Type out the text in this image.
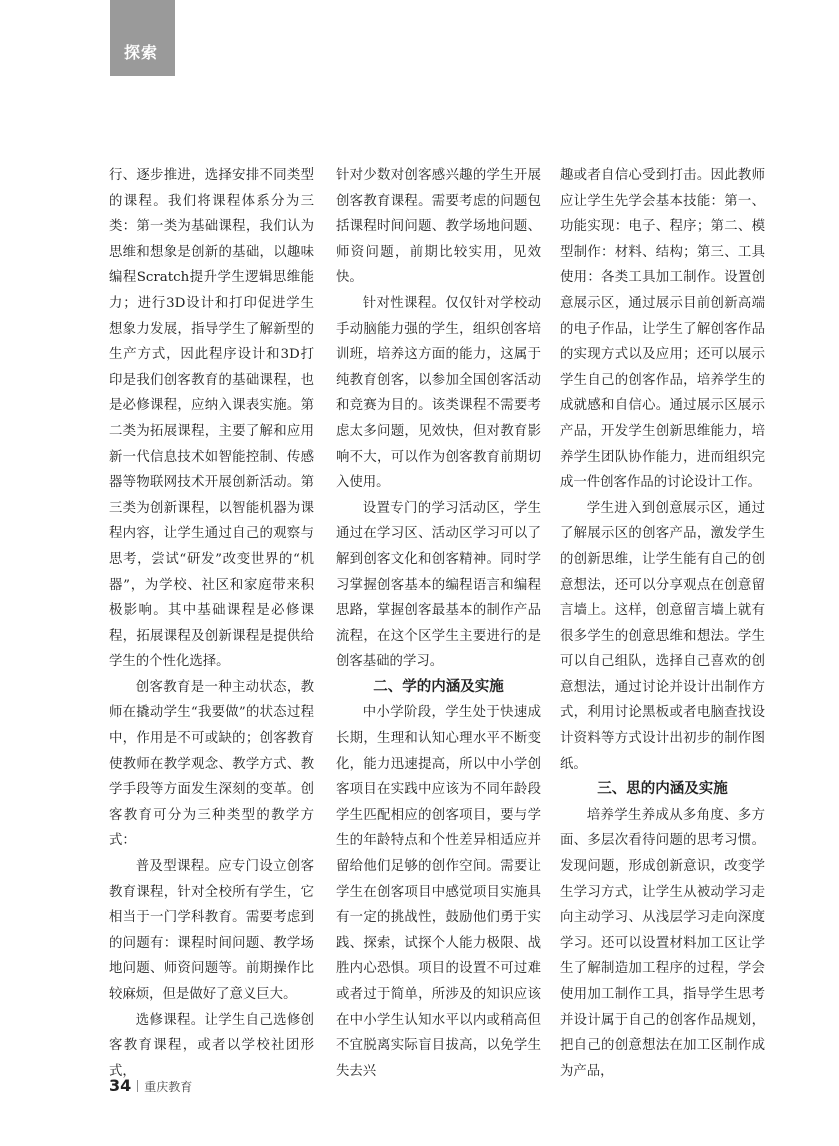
探索

行、逐步推进，选择安排不同类型的课程。我们将课程体系分为三类：第一类为基础课程，我们认为思维和想象是创新的基础，以趣味编程Scratch提升学生逻辑思维能力；进行3D设计和打印促进学生想象力发展，指导学生了解新型的生产方式，因此程序设计和3D打印是我们创客教育的基础课程，也是必修课程，应纳入课表实施。第二类为拓展课程，主要了解和应用新一代信息技术如智能控制、传感器等物联网技术开展创新活动。第三类为创新课程，以智能机器为课程内容，让学生通过自己的观察与思考，尝试“研发”改变世界的“机器”，为学校、社区和家庭带来积极影响。其中基础课程是必修课程，拓展课程及创新课程是提供给学生的个性化选择。

创客教育是一种主动状态，教师在撬动学生“我要做”的状态过程中，作用是不可或缺的；创客教育使教师在教学观念、教学方式、教学手段等方面发生深刻的变革。创客教育可分为三种类型的教学方式：

普及型课程。应专门设立创客教育课程，针对全校所有学生，它相当于一门学科教育。需要考虑到的问题有：课程时间问题、教学场地问题、师资问题等。前期操作比较麻烦，但是做好了意义巨大。

选修课程。让学生自己选修创客教育课程，或者以学校社团形式，

针对少数对创客感兴趣的学生开展创客教育课程。需要考虑的问题包括课程时间问题、教学场地问题、师资问题，前期比较实用，见效快。

针对性课程。仅仅针对学校动手动脑能力强的学生，组织创客培训班，培养这方面的能力，这属于纯教育创客，以参加全国创客活动和竞赛为目的。该类课程不需要考虑太多问题，见效快，但对教育影响不大，可以作为创客教育前期切入使用。

设置专门的学习活动区，学生通过在学习区、活动区学习可以了解到创客文化和创客精神。同时学习掌握创客基本的编程语言和编程思路，掌握创客最基本的制作产品流程，在这个区学生主要进行的是创客基础的学习。

二、学的内涵及实施

中小学阶段，学生处于快速成长期，生理和认知心理水平不断变化，能力迅速提高，所以中小学创客项目在实践中应该为不同年龄段学生匹配相应的创客项目，要与学生的年龄特点和个性差异相适应并留给他们足够的创作空间。需要让学生在创客项目中感觉项目实施具有一定的挑战性，鼓励他们勇于实践、探索，试探个人能力极限、战胜内心恐惧。项目的设置不可过难或者过于简单，所涉及的知识应该在中小学生认知水平以内或稍高但不宜脱离实际盲目拔高，以免学生失去兴

趣或者自信心受到打击。因此教师应让学生先学会基本技能：第一、功能实现：电子、程序；第二、模型制作：材料、结构；第三、工具使用：各类工具加工制作。设置创意展示区，通过展示目前创新高端的电子作品，让学生了解创客作品的实现方式以及应用；还可以展示学生自己的创客作品，培养学生的成就感和自信心。通过展示区展示产品，开发学生创新思维能力，培养学生团队协作能力，进而组织完成一件创客作品的讨论设计工作。

学生进入到创意展示区，通过了解展示区的创客产品，激发学生的创新思维，让学生能有自己的创意想法，还可以分享观点在创意留言墙上。这样，创意留言墙上就有很多学生的创意思维和想法。学生可以自己组队，选择自己喜欢的创意想法，通过讨论并设计出制作方式，利用讨论黑板或者电脑查找设计资料等方式设计出初步的制作图纸。

三、思的内涵及实施

培养学生养成从多角度、多方面、多层次看待问题的思考习惯。发现问题，形成创新意识，改变学生学习方式，让学生从被动学习走向主动学习、从浅层学习走向深度学习。还可以设置材料加工区让学生了解制造加工程序的过程，学会使用加工制作工具，指导学生思考并设计属于自己的创客作品规划，把自己的创意想法在加工区制作成为产品，

34 重庆教育
